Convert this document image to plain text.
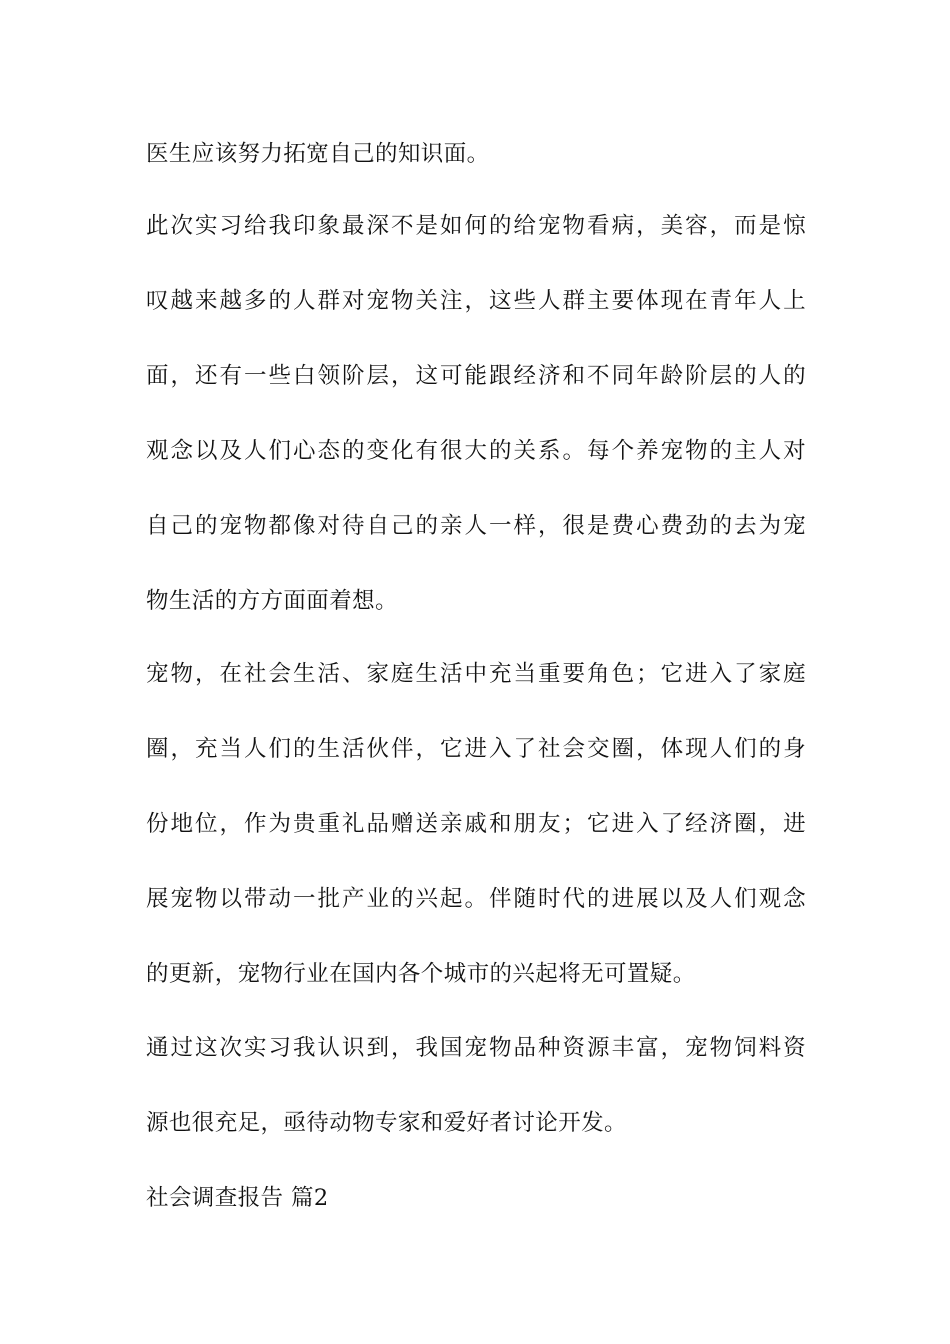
医生应该努力拓宽自己的知识面。
此次实习给我印象最深不是如何的给宠物看病，美容，而是惊
叹越来越多的人群对宠物关注，这些人群主要体现在青年人上
面，还有一些白领阶层，这可能跟经济和不同年龄阶层的人的
观念以及人们心态的变化有很大的关系。每个养宠物的主人对
自己的宠物都像对待自己的亲人一样，很是费心费劲的去为宠
物生活的方方面面着想。
宠物，在社会生活、家庭生活中充当重要角色；它进入了家庭
圈，充当人们的生活伙伴，它进入了社会交圈，体现人们的身
份地位，作为贵重礼品赠送亲戚和朋友；它进入了经济圈，进
展宠物以带动一批产业的兴起。伴随时代的进展以及人们观念
的更新，宠物行业在国内各个城市的兴起将无可置疑。
通过这次实习我认识到，我国宠物品种资源丰富，宠物饲料资
源也很充足，亟待动物专家和爱好者讨论开发。
社会调查报告 篇2
